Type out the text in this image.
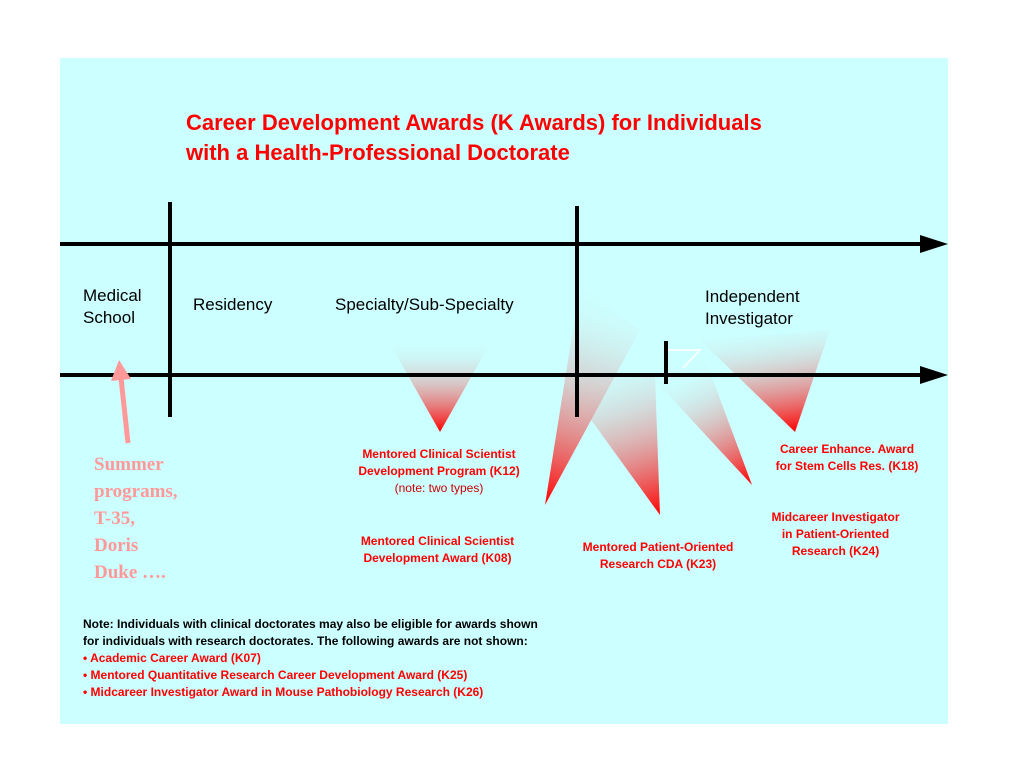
Career Development Awards (K Awards) for Individuals
with a Health-Professional Doctorate
Medical
School
Residency	Specialty/Sub-Specialty	Independent
Investigator
Mentored Clinical Scientist
Development Program (K12)
(note: two types)
Mentored Clinical Scientist
Development Award (K08)
Mentored Patient-Oriented
Research CDA (K23)
Career Enhance. Award
for Stem Cells Res. (K18)
Midcareer Investigator
in Patient-Oriented
Research (K24)
Summer
programs,
T-35,
Doris
Duke ….
Note: Individuals with clinical doctorates may also be eligible for awards shown
for individuals with research doctorates. The following awards are not shown:
• Academic Career Award (K07)
• Mentored Quantitative Research Career Development Award (K25)
• Midcareer Investigator Award in Mouse Pathobiology Research (K26)
